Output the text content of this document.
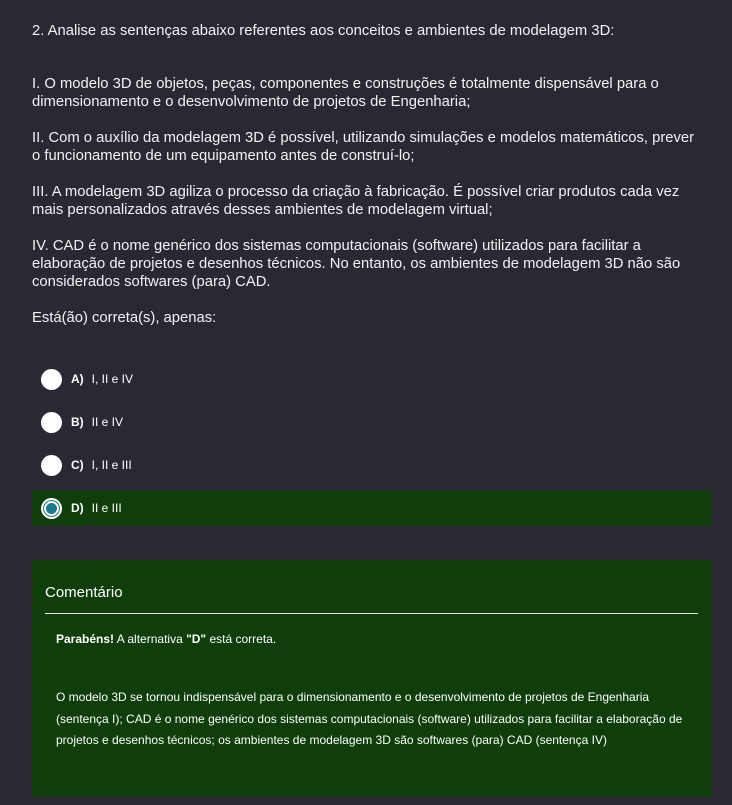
2. Analise as sentenças abaixo referentes aos conceitos e ambientes de modelagem 3D:

I. O modelo 3D de objetos, peças, componentes e construções é totalmente dispensável para o dimensionamento e o desenvolvimento de projetos de Engenharia;

II. Com o auxílio da modelagem 3D é possível, utilizando simulações e modelos matemáticos, prever o funcionamento de um equipamento antes de construí-lo;

III. A modelagem 3D agiliza o processo da criação à fabricação. É possível criar produtos cada vez mais personalizados através desses ambientes de modelagem virtual;

IV. CAD é o nome genérico dos sistemas computacionais (software) utilizados para facilitar a elaboração de projetos e desenhos técnicos. No entanto, os ambientes de modelagem 3D não são considerados softwares (para) CAD.

Está(ão) correta(s), apenas:

A) I, II e IV
B) II e IV
C) I, II e III
D) II e III

Comentário

Parabéns! A alternativa "D" está correta.

O modelo 3D se tornou indispensável para o dimensionamento e o desenvolvimento de projetos de Engenharia (sentença I); CAD é o nome genérico dos sistemas computacionais (software) utilizados para facilitar a elaboração de projetos e desenhos técnicos; os ambientes de modelagem 3D são softwares (para) CAD (sentença IV)
